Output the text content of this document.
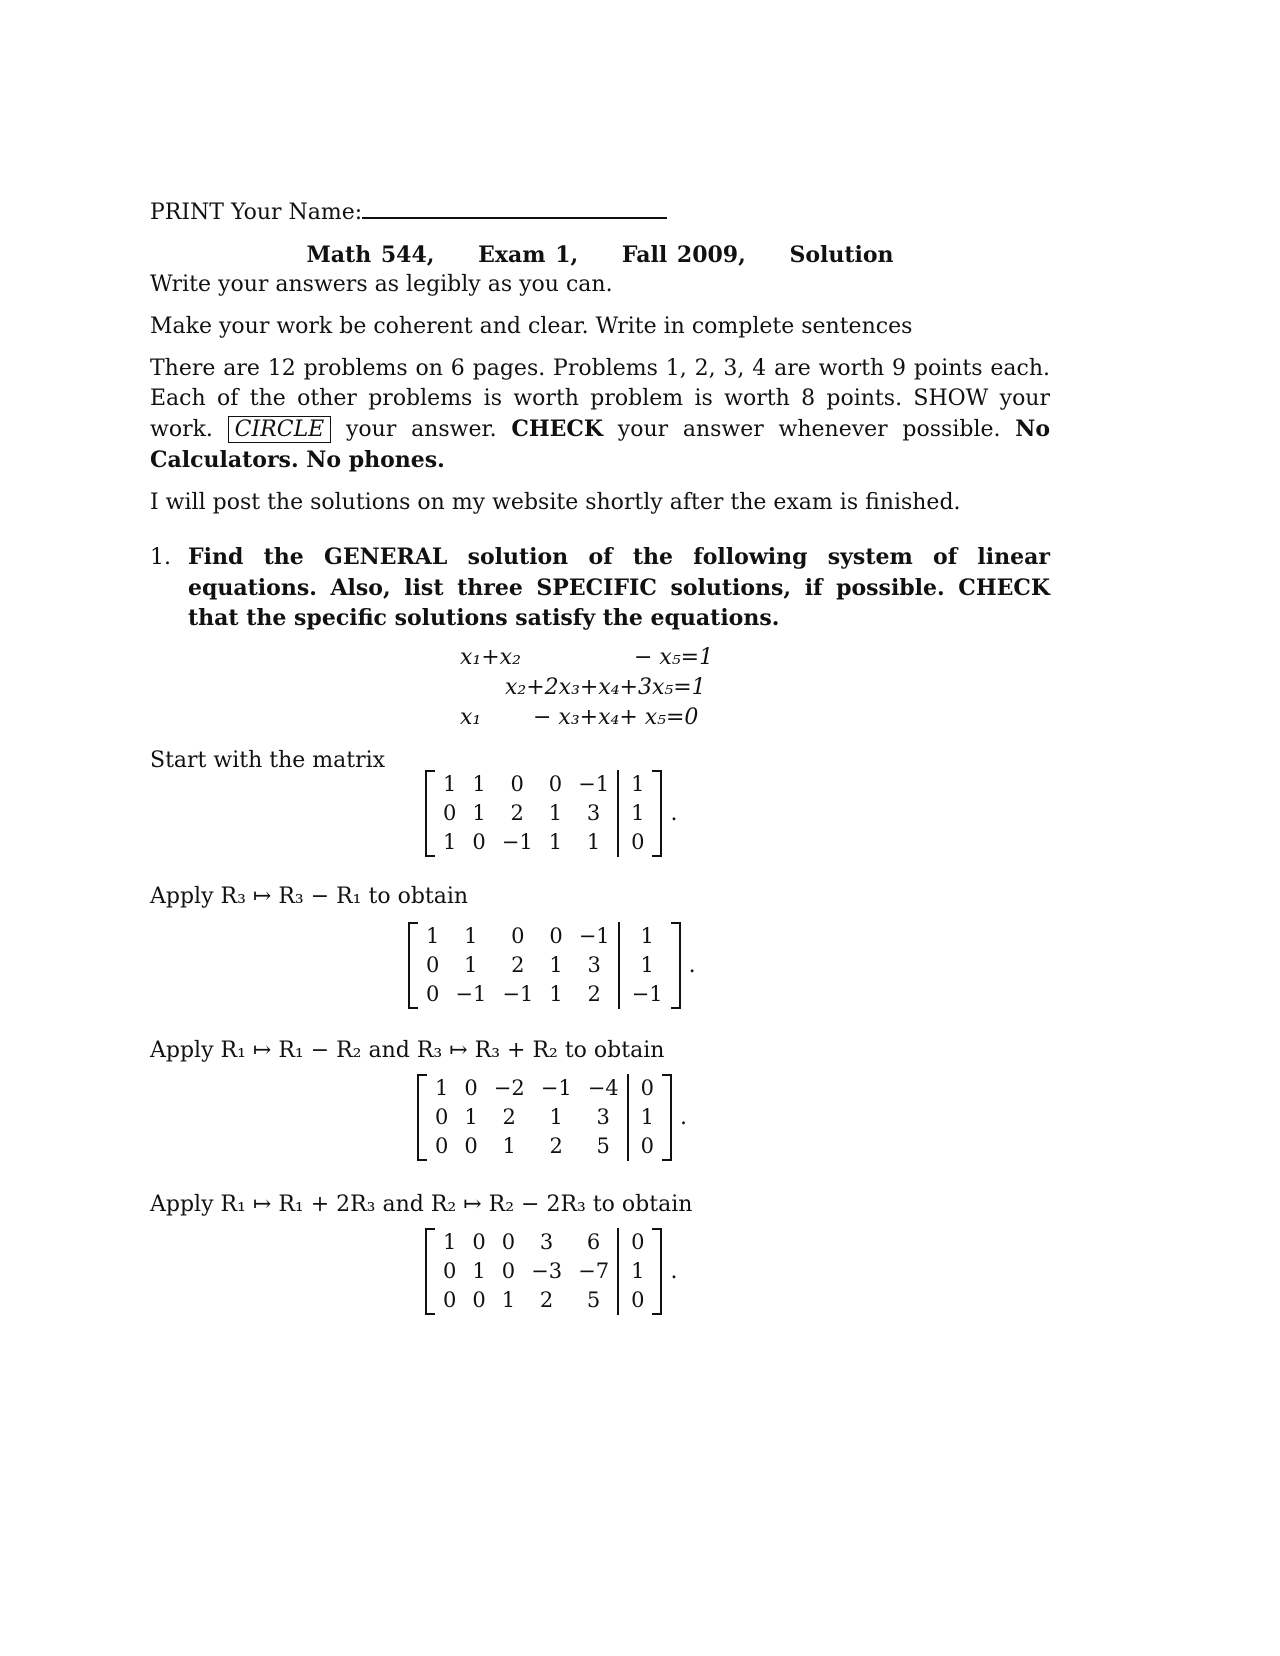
PRINT Your Name:

Math 544, Exam 1, Fall 2009, Solution

Write your answers as legibly as you can.

Make your work be coherent and clear. Write in complete sentences

There are 12 problems on 6 pages. Problems 1, 2, 3, 4 are worth 9 points each. Each of the other problems is worth problem is worth 8 points. SHOW your work. CIRCLE your answer. CHECK your answer whenever possible. No Calculators. No phones.

I will post the solutions on my website shortly after the exam is finished.

1. Find the GENERAL solution of the following system of linear equations. Also, list three SPECIFIC solutions, if possible. CHECK that the specific solutions satisfy the equations.

x₁+x₂	− x₅=1
x₂+2x₃+x₄+3x₅=1
x₁ − x₃+x₄+ x₅=0

Start with the matrix

1	1	0	0	−1		1
0	1	2	1	3		1
1	0	−1	1	1		0
.

Apply R₃ ↦ R₃ − R₁ to obtain

1	1	0	0	−1		1
0	1	2	1	3		1
0	−1	−1	1	2		−1
.

Apply R₁ ↦ R₁ − R₂ and R₃ ↦ R₃ + R₂ to obtain

1	0	−2	−1	−4		0
0	1	2	1	3		1
0	0	1	2	5		0
.

Apply R₁ ↦ R₁ + 2R₃ and R₂ ↦ R₂ − 2R₃ to obtain

1	0	0	3	6		0
0	1	0	−3	−7		1
0	0	1	2	5		0
.
